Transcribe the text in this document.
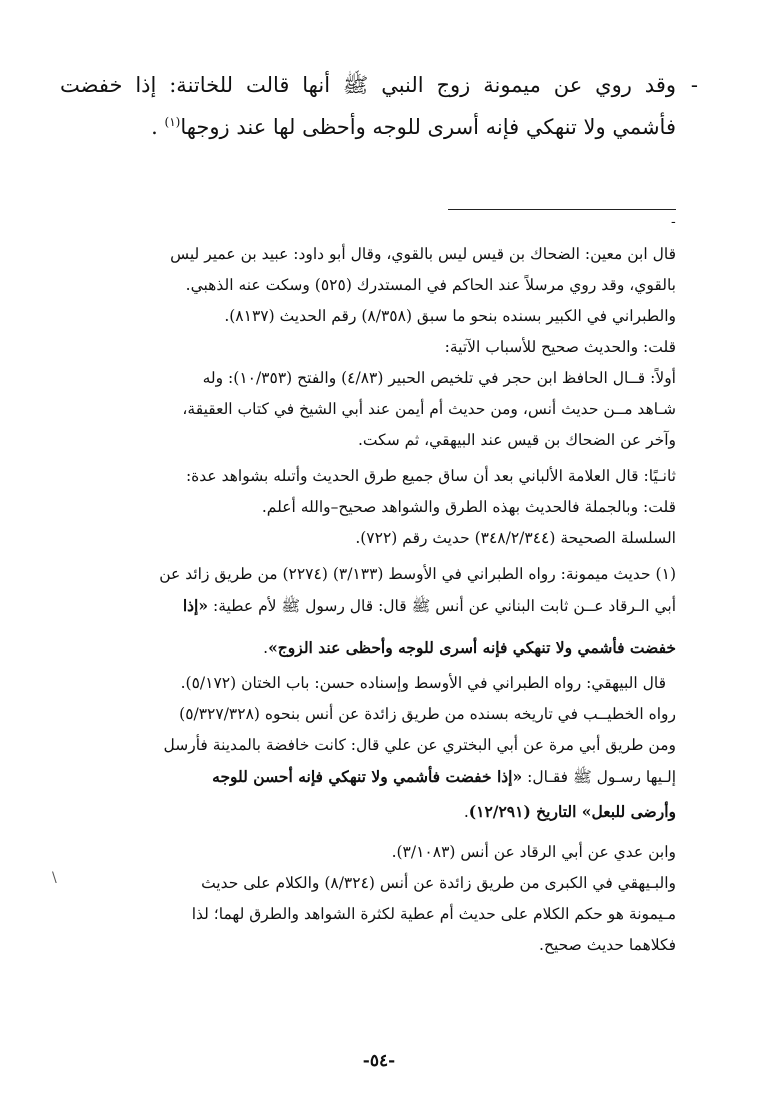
-
وقد روي عن ميمونة زوج النبي ﷺ أنها قالت للخاتنة: إذا خفضت فأشمي ولا تنهكي فإنه أسرى للوجه وأحظى لها عند زوجها$^{(١)}$ .
-
قال ابن معين: الضحاك بن قيس ليس بالقوي، وقال أبو داود: عبيد بن عمير ليس
بالقوي، وقد روي مرسلاً عند الحاكم في المستدرك (٥٢٥) وسكت عنه الذهبي.
والطبراني في الكبير بسنده بنحو ما سبق (٨/٣٥٨) رقم الحديث (٨١٣٧).
قلت: والحديث صحيح للأسباب الآتية:
أولاً: قــال الحافظ ابن حجر في تلخيص الحبير (٤/٨٣) والفتح (١٠/٣٥٣): وله
شـاهد مــن حديث أنس، ومن حديث أم أيمن عند أبي الشيخ في كتاب العقيقة،
وآخر عن الضحاك بن قيس عند البيهقي، ثم سكت.
ثانـيًا: قال العلامة الألباني بعد أن ساق جميع طرق الحديث وأتىله بشواهد عدة:
قلت: وبالجملة فالحديث بهذه الطرق والشواهد صحيح–والله أعلم.
السلسلة الصحيحة (٣٤٨/٢/٣٤٤) حديث رقم (٧٢٢).
(١) حديث ميمونة: رواه الطبراني في الأوسط (٣/١٣٣) (٢٢٧٤) من طريق زائد عن
أبي الـرقاد عــن ثابت البناني عن أنس ﷺ قال: قال رسول ﷺ لأم عطية: «إذا
خفضت فأشمي ولا تنهكي فإنه أسرى للوجه وأحظى عند الزوج».
قال البيهقي: رواه الطبراني في الأوسط وإسناده حسن: باب الختان (٥/١٧٢).
رواه الخطيــب في تاريخه بسنده من طريق زائدة عن أنس بنحوه (٥/٣٢٧/٣٢٨)
ومن طريق أبي مرة عن أبي البختري عن علي قال: كانت خافضة بالمدينة فأرسل
إلـيها رسـول ﷺ فقـال: «إذا خفضت فأشمي ولا تنهكي فإنه أحسن للوجه
وأرضى للبعل» التاريخ (١٢/٢٩١).
وابن عدي عن أبي الرقاد عن أنس (٣/١٠٨٣).
والبـيهقي في الكبرى من طريق زائدة عن أنس (٨/٣٢٤) والكلام على حديث
مـيمونة هو حكم الكلام على حديث أم عطية لكثرة الشواهد والطرق لهما؛ لذا
فكلاهما حديث صحيح.
\
-٥٤-
